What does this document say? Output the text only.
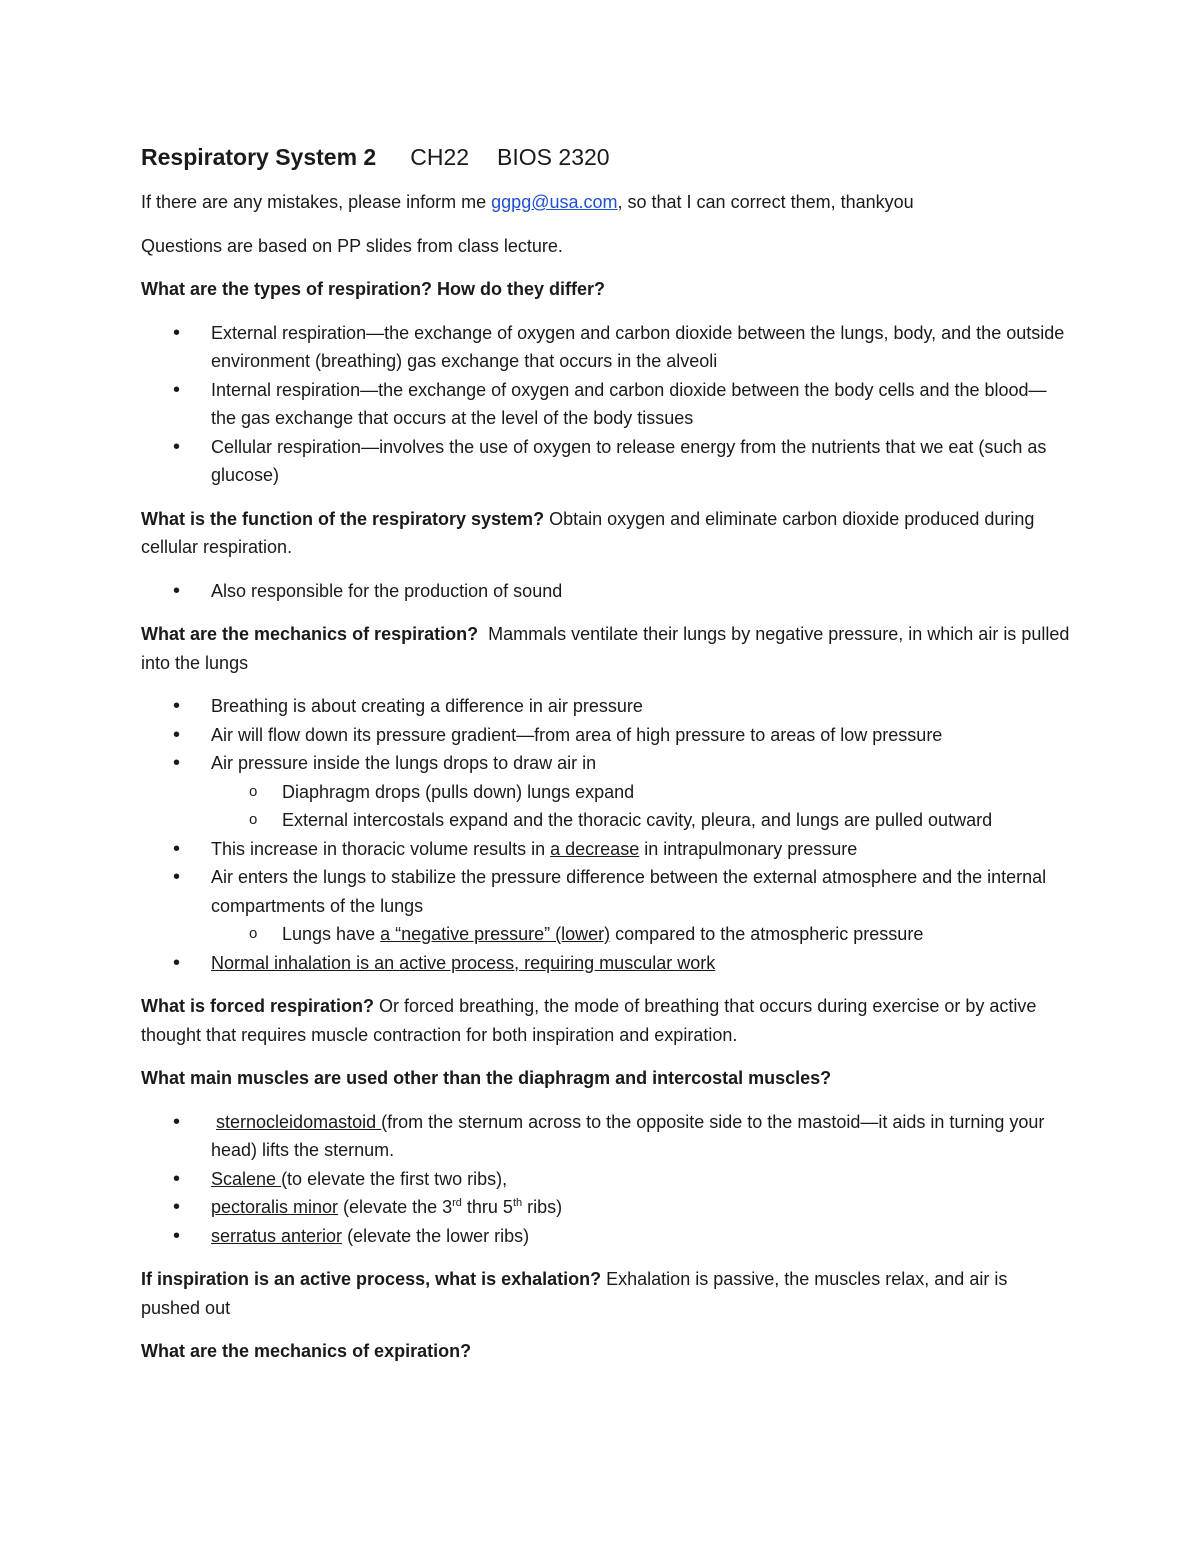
Respiratory System 2 CH22 BIOS 2320

If there are any mistakes, please inform me ggpg@usa.com, so that I can correct them, thankyou

Questions are based on PP slides from class lecture.

What are the types of respiration? How do they differ?

• External respiration—the exchange of oxygen and carbon dioxide between the lungs, body, and the outside environment (breathing) gas exchange that occurs in the alveoli
• Internal respiration—the exchange of oxygen and carbon dioxide between the body cells and the blood—the gas exchange that occurs at the level of the body tissues
• Cellular respiration—involves the use of oxygen to release energy from the nutrients that we eat (such as glucose)

What is the function of the respiratory system? Obtain oxygen and eliminate carbon dioxide produced during cellular respiration.

• Also responsible for the production of sound

What are the mechanics of respiration?  Mammals ventilate their lungs by negative pressure, in which air is pulled into the lungs

• Breathing is about creating a difference in air pressure
• Air will flow down its pressure gradient—from area of high pressure to areas of low pressure
• Air pressure inside the lungs drops to draw air in
o Diaphragm drops (pulls down) lungs expand
o External intercostals expand and the thoracic cavity, pleura, and lungs are pulled outward
• This increase in thoracic volume results in a decrease in intrapulmonary pressure
• Air enters the lungs to stabilize the pressure difference between the external atmosphere and the internal compartments of the lungs
o Lungs have a “negative pressure” (lower) compared to the atmospheric pressure
• Normal inhalation is an active process, requiring muscular work

What is forced respiration? Or forced breathing, the mode of breathing that occurs during exercise or by active thought that requires muscle contraction for both inspiration and expiration.

What main muscles are used other than the diaphragm and intercostal muscles?

• sternocleidomastoid (from the sternum across to the opposite side to the mastoid—it aids in turning your head) lifts the sternum.
• Scalene (to elevate the first two ribs),
• pectoralis minor (elevate the 3rd thru 5th ribs)
• serratus anterior (elevate the lower ribs)

If inspiration is an active process, what is exhalation? Exhalation is passive, the muscles relax, and air is pushed out

What are the mechanics of expiration?
